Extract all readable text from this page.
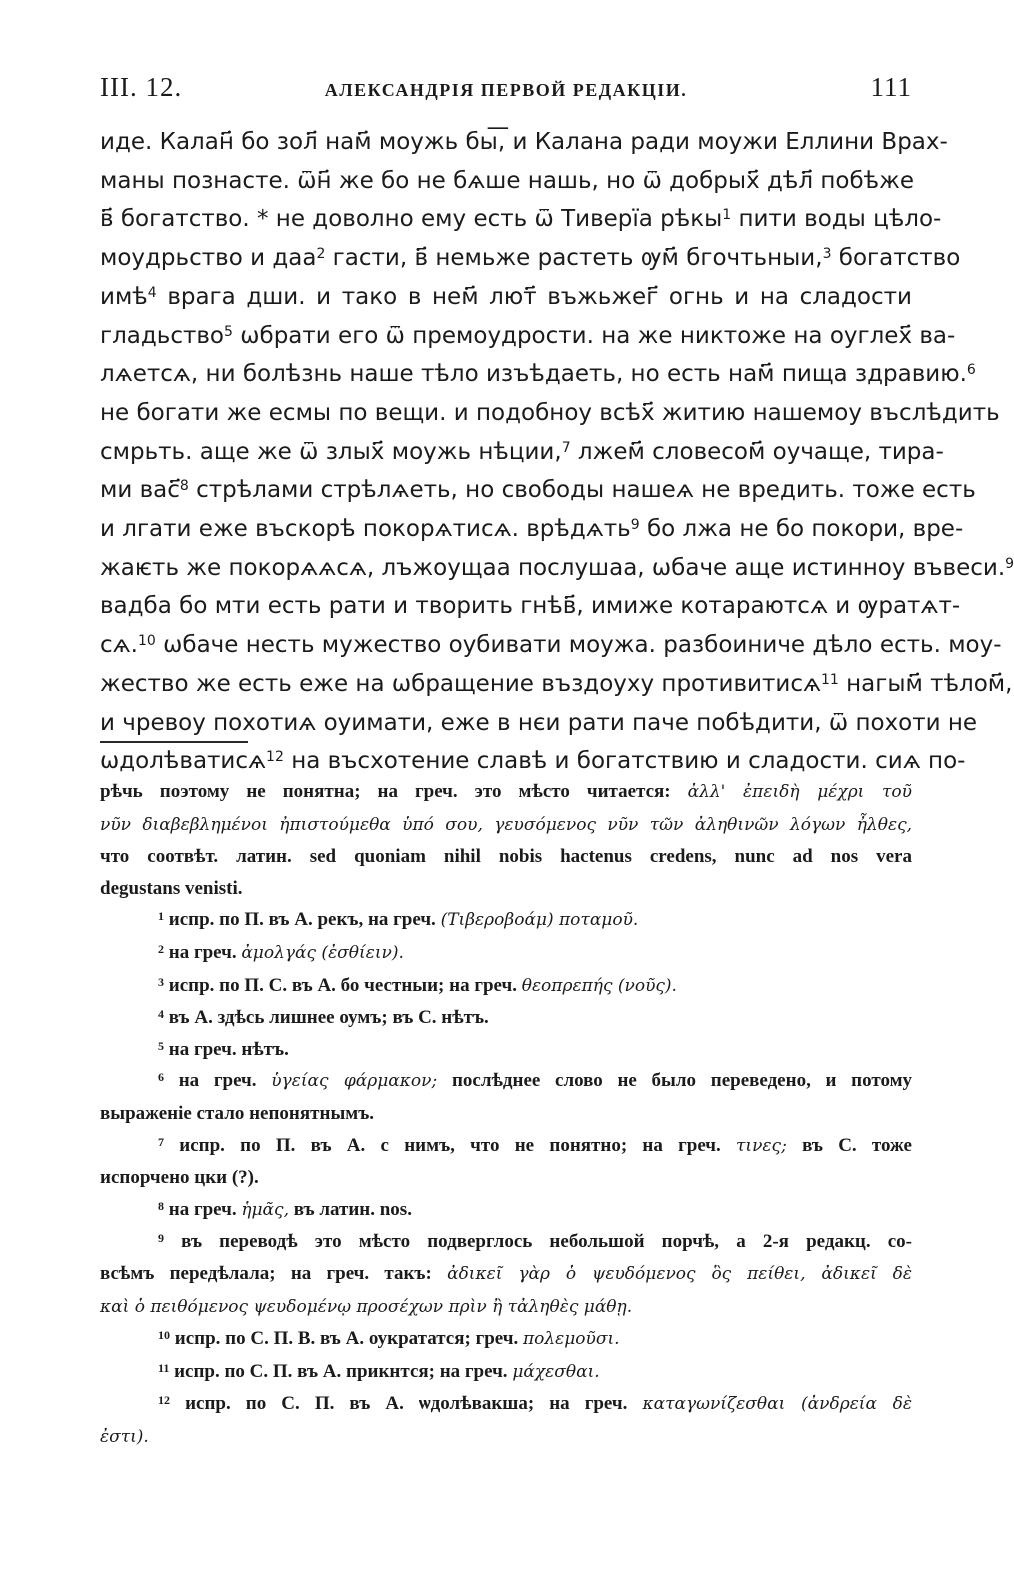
III. 12.	АЛЕКСАНДРІЯ ПЕРВОЙ РЕДАКЦІИ.	111
иде. Калан҃ бо зол҃ нам҃ моужь бы͞, и Калана ради моужи Еллини Врах-
маны познасте. ѿн҃ же бо не бѧше нашь, но ѿ добрых҃ дѣл҃ побѣже
в҃ богатство. * не доволно ему есть ѿ Тиверїа рѣкы$^1$ пити воды цѣло-
моудрьство и даа$^2$ гасти, в҃ немьже растеть ѹм҃ бгочтьныи,$^3$ богатство
имѣ$^4$ врага дши. и тако в нем҃ лют҃ въжьжег҃ огнь и на сладости
гладьство$^5$ ѡбрати его ѿ премоудрости. на же никтоже на оуглех҃ ва-
лѧетсѧ, ни болѣзнь наше тѣло изъѣдаеть, но есть нам҃ пища здравию.$^6$
не богати же есмы по вещи. и подобноу всѣх҃ житию нашемоу въслѣдить
смрьть. аще же ѿ злых҃ моужь нѣции,$^7$ лжем҃ словесом҃ оучаще, тира-
ми вас҃$^8$ стрѣлами стрѣлѧеть, но свободы нашеѧ не вредить. тоже есть
и лгати еже въскорѣ покорѧтисѧ. врѣдѧть$^9$ бо лжа не бо покори, вре-
жаѥть же покорѧѧсѧ, лъжоущаа послушаа, ѡбаче аще истинноу въвеси.$^9$
вадба бо мти есть рати и творить гнѣв҃, имиже котараютсѧ и ѹратѧт-
сѧ.$^{10}$ ѡбаче несть мужество оубивати моужа. разбоиниче дѣло есть. моу-
жество же есть еже на ѡбращение въздоуху противитисѧ$^{11}$ нагым҃ тѣлом҃,
и чревоу похотиѧ оуимати, еже в нєи рати паче побѣдити, ѿ похоти не
ѡдолѣватисѧ$^{12}$ на въсхотение славѣ и богатствию и сладости. сиѧ по-
рѣчь поэтому не понятна; на греч. это мѣсто читается: ἀλλ' ἐπειδὴ μέχρι τοῦ
νῦν διαβεβλημένοι ἠπιστούμεθα ὑπό σου, γευσόμενος νῦν τῶν ἀληθινῶν λόγων ἦλθες,
что соотвѣт. латин. sed quoniam nihil nobis hactenus credens, nunc ad nos vera
degustans venisti.
$^1$ испр. по П. въ А. рекъ, на греч. (Τιβεροβοάμ) ποταμοῦ.
$^2$ на греч. ἀμολγάς (ἐσθίειν).
$^3$ испр. по П. С. въ А. бо честныи; на греч. θεοπρεπής (νοῦς).
$^4$ въ А. здѣсь лишнее оумъ; въ С. нѣтъ.
$^5$ на греч. нѣтъ.
$^6$ на греч. ὑγείας φάρμακον; послѣднее слово не было переведено, и потому
выраженіе стало непонятнымъ.
$^7$ испр. по П. въ А. с нимъ, что не понятно; на греч. τινες; въ С. тоже
испорчено цки (?).
$^8$ на греч. ἡμᾶς, въ латин. nos.
$^9$ въ переводѣ это мѣсто подверглось небольшой порчѣ, а 2-я редакц. со-
всѣмъ передѣлала; на греч. такъ: ἀδικεῖ γὰρ ὁ ψευδόμενος ὃς πείθει, ἀδικεῖ δὲ
καὶ ὁ πειθόμενος ψευδομένῳ προσέχων πρὶν ἢ τἀληθὲς μάθῃ.
$^{10}$ испр. по С. П. В. въ А. оукрататся; греч. πολεμοῦσι.
$^{11}$ испр. по С. П. въ А. прикнтся; на греч. μάχεσθαι.
$^{12}$ испр. по С. П. въ А. ѡдолѣвакша; на греч. καταγωνίζεσθαι (ἀνδρεία δὲ
ἐστι).
